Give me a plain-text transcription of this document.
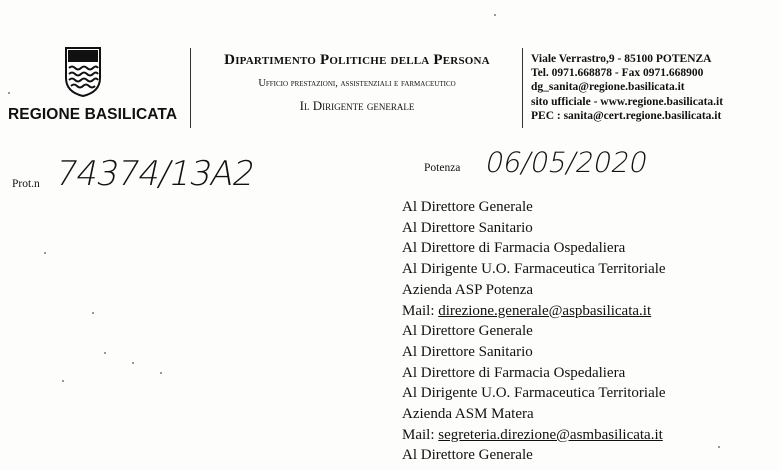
REGIONE BASILICATA
Dipartimento Politiche della Persona
Ufficio prestazioni, assistenziali e farmaceutico
Il Dirigente generale
Viale Verrastro,9 - 85100 POTENZA
Tel. 0971.668878 - Fax 0971.668900
dg_sanita@regione.basilicata.it
sito ufficiale - www.regione.basilicata.it
PEC : sanita@cert.regione.basilicata.it
Prot.n 74374/13A2	Potenza 06/05/2020
Al Direttore Generale
Al Direttore Sanitario
Al Direttore di Farmacia Ospedaliera
Al Dirigente U.O. Farmaceutica Territoriale
Azienda ASP Potenza
Mail: direzione.generale@aspbasilicata.it
Al Direttore Generale
Al Direttore Sanitario
Al Direttore di Farmacia Ospedaliera
Al Dirigente U.O. Farmaceutica Territoriale
Azienda ASM Matera
Mail: segreteria.direzione@asmbasilicata.it
Al Direttore Generale
